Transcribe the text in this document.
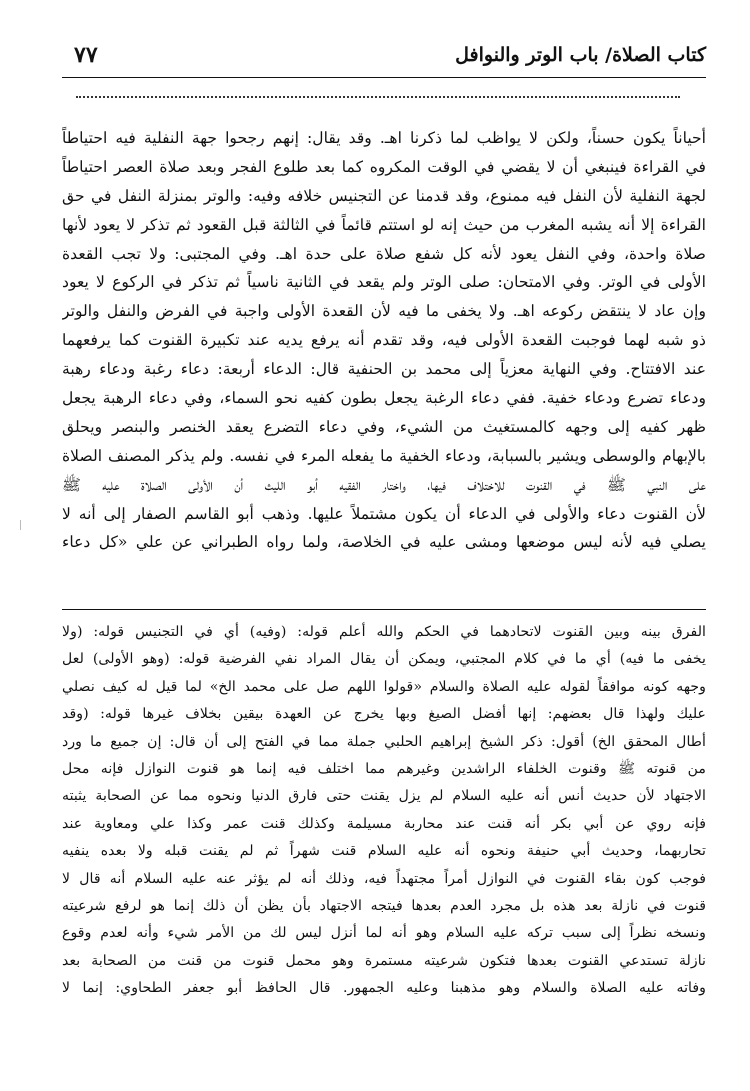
كتاب الصلاة/ باب الوتر والنوافل
٧٧
أحياناً يكون حسناً، ولكن لا يواظب لما ذكرنا اهـ. وقد يقال: إنهم رجحوا جهة النفلية فيه احتياطاً
في القراءة فينبغي أن لا يقضي في الوقت المكروه كما بعد طلوع الفجر وبعد صلاة العصر احتياطاً
لجهة النفلية لأن النفل فيه ممنوع، وقد قدمنا عن التجنيس خلافه وفيه: والوتر بمنزلة النفل في حق
القراءة إلا أنه يشبه المغرب من حيث إنه لو استتم قائماً في الثالثة قبل القعود ثم تذكر لا يعود لأنها
صلاة واحدة، وفي النفل يعود لأنه كل شفع صلاة على حدة اهـ. وفي المجتبى: ولا تجب القعدة
الأولى في الوتر. وفي الامتحان: صلى الوتر ولم يقعد في الثانية ناسياً ثم تذكر في الركوع لا يعود
وإن عاد لا ينتقض ركوعه اهـ. ولا يخفى ما فيه لأن القعدة الأولى واجبة في الفرض والنفل والوتر
ذو شبه لهما فوجبت القعدة الأولى فيه، وقد تقدم أنه يرفع يديه عند تكبيرة القنوت كما يرفعهما
عند الافتتاح. وفي النهاية معزياً إلى محمد بن الحنفية قال: الدعاء أربعة: دعاء رغبة ودعاء رهبة
ودعاء تضرع ودعاء خفية. ففي دعاء الرغبة يجعل بطون كفيه نحو السماء، وفي دعاء الرهبة يجعل
ظهر كفيه إلى وجهه كالمستغيث من الشيء، وفي دعاء التضرع يعقد الخنصر والبنصر ويحلق
بالإبهام والوسطى ويشير بالسبابة، ودعاء الخفية ما يفعله المرء في نفسه. ولم يذكر المصنف الصلاة
على النبي ﷺ في القنوت للاختلاف فيها، واختار الفقيه أبو الليث أن الأولى الصلاة عليه ﷺ
لأن القنوت دعاء والأولى في الدعاء أن يكون مشتملاً عليها. وذهب أبو القاسم الصفار إلى أنه لا
يصلي فيه لأنه ليس موضعها ومشى عليه في الخلاصة، ولما رواه الطبراني عن علي «كل دعاء
الفرق بينه وبين القنوت لاتحادهما في الحكم والله أعلم قوله: (وفيه) أي في التجنيس قوله: (ولا
يخفى ما فيه) أي ما في كلام المجتبي، ويمكن أن يقال المراد نفي الفرضية قوله: (وهو الأولى) لعل
وجهه كونه موافقاً لقوله عليه الصلاة والسلام «قولوا اللهم صل على محمد الخ» لما قيل له كيف نصلي
عليك ولهذا قال بعضهم: إنها أفضل الصيغ وبها يخرج عن العهدة بيقين بخلاف غيرها قوله: (وقد
أطال المحقق الخ) أقول: ذكر الشيخ إبراهيم الحلبي جملة مما في الفتح إلى أن قال: إن جميع ما ورد
من قنوته ﷺ وقنوت الخلفاء الراشدين وغيرهم مما اختلف فيه إنما هو قنوت النوازل فإنه محل
الاجتهاد لأن حديث أنس أنه عليه السلام لم يزل يقنت حتى فارق الدنيا ونحوه مما عن الصحابة يثبته
فإنه روي عن أبي بكر أنه قنت عند محاربة مسيلمة وكذلك قنت عمر وكذا علي ومعاوية عند
تحاربهما، وحديث أبي حنيفة ونحوه أنه عليه السلام قنت شهراً ثم لم يقنت قبله ولا بعده ينفيه
فوجب كون بقاء القنوت في النوازل أمراً مجتهداً فيه، وذلك أنه لم يؤثر عنه عليه السلام أنه قال لا
قنوت في نازلة بعد هذه بل مجرد العدم بعدها فيتجه الاجتهاد بأن يظن أن ذلك إنما هو لرفع شرعيته
ونسخه نظراً إلى سبب تركه عليه السلام وهو أنه لما أنزل ليس لك من الأمر شيء وأنه لعدم وقوع
نازلة تستدعي القنوت بعدها فتكون شرعيته مستمرة وهو محمل قنوت من قنت من الصحابة بعد
وفاته عليه الصلاة والسلام وهو مذهبنا وعليه الجمهور. قال الحافظ أبو جعفر الطحاوي: إنما لا
